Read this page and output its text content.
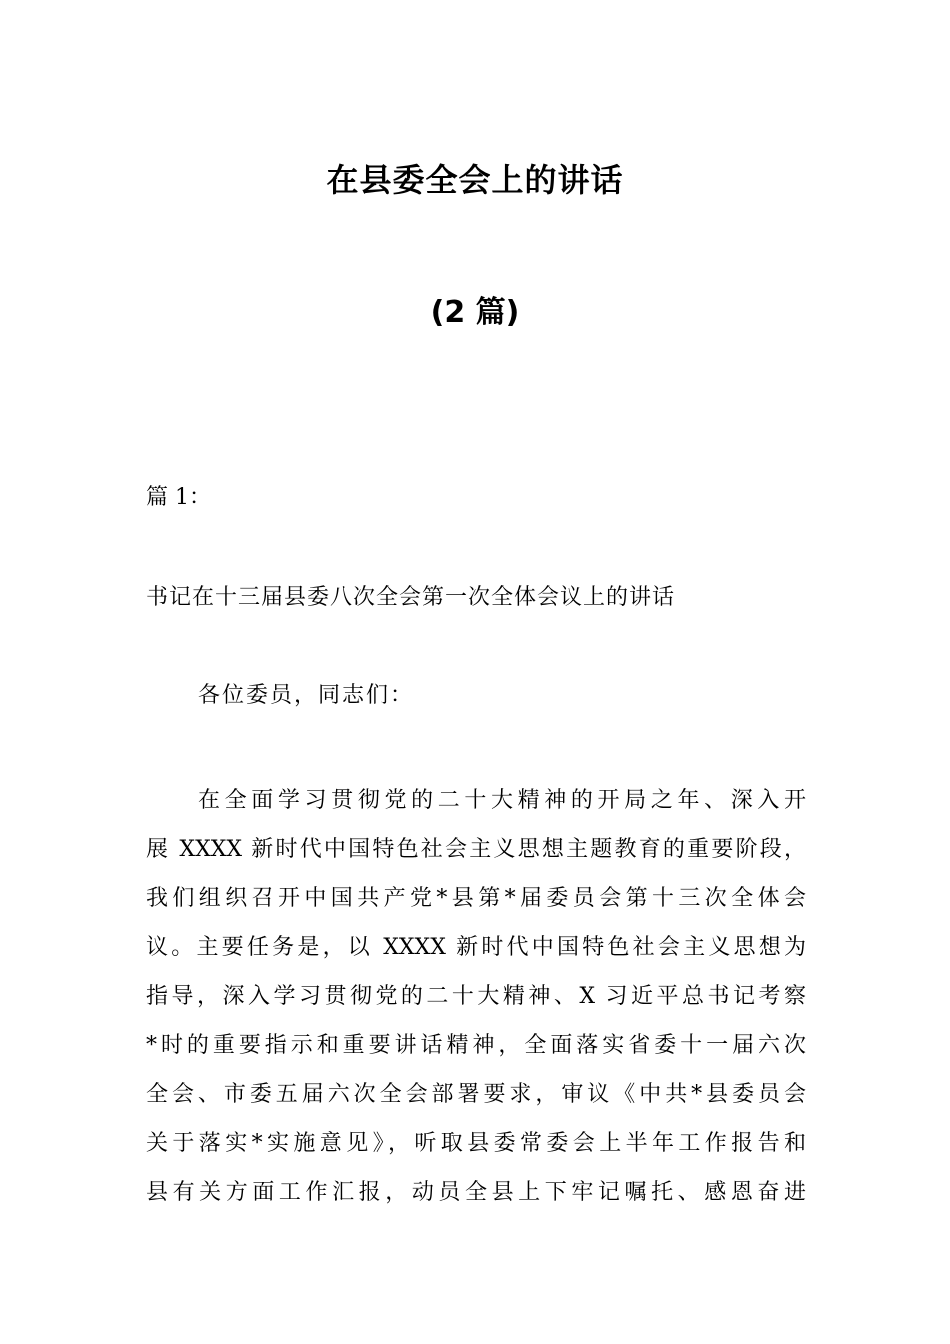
在县委全会上的讲话
(2 篇)

篇 1：

书记在十三届县委八次全会第一次全体会议上的讲话

各位委员，同志们：

在全面学习贯彻党的二十大精神的开局之年、深入开
展 XXXX 新时代中国特色社会主义思想主题教育的重要阶段，
我们组织召开中国共产党*县第*届委员会第十三次全体会
议。主要任务是，以 XXXX 新时代中国特色社会主义思想为
指导，深入学习贯彻党的二十大精神、X 习近平总书记考察
*时的重要指示和重要讲话精神，全面落实省委十一届六次
全会、市委五届六次全会部署要求，审议《中共*县委员会
关于落实*实施意见》，听取县委常委会上半年工作报告和
县有关方面工作汇报，动员全县上下牢记嘱托、感恩奋进
